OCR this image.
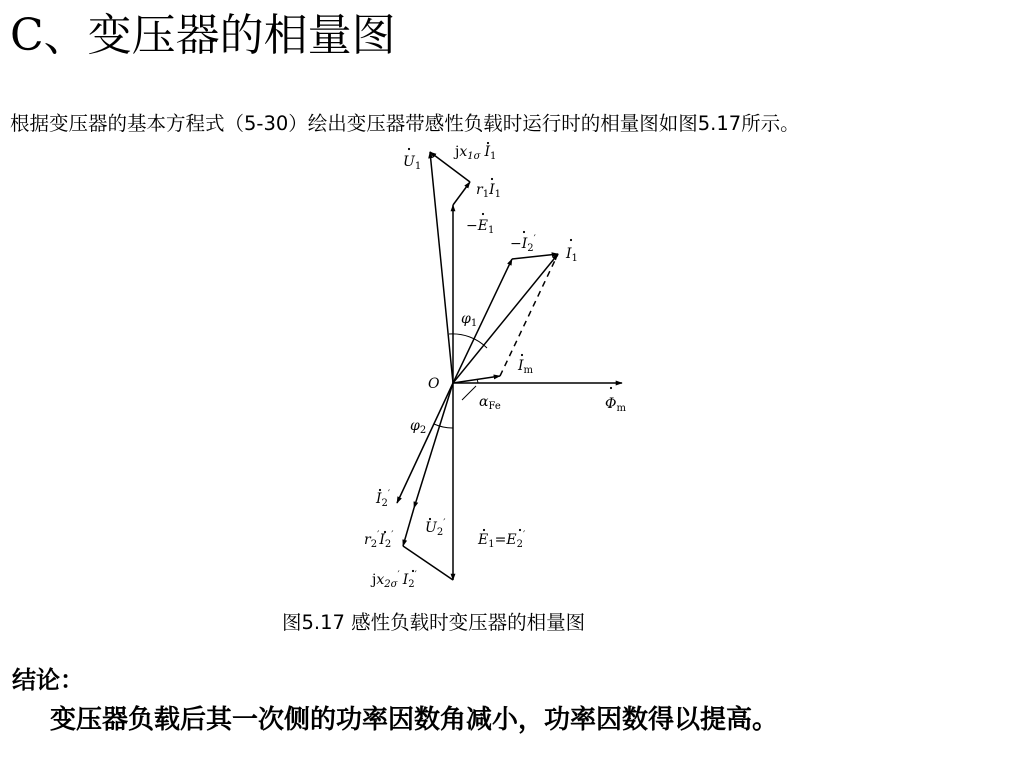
C、变压器的相量图
根据变压器的基本方程式（5-30）绘出变压器带感性负载时运行时的相量图如图5.17所示。
O
$\Phi_m$
$I_m$
$I_1$
$-I_2'$
$-E_1$
$r_1I_1$
$jx_{1\sigma}$ $I_1$
$U_1$
$\varphi_1$
$\varphi_2$
$\alpha_{Fe}$
$I_2'$
$U_2'$
$E_1=E_2'$
$r_2'I_2'$
$jx_{2\sigma}'$ $I_2'$
图5.17 感性负载时变压器的相量图
结论：
变压器负载后其一次侧的功率因数角减小，功率因数得以提高。
